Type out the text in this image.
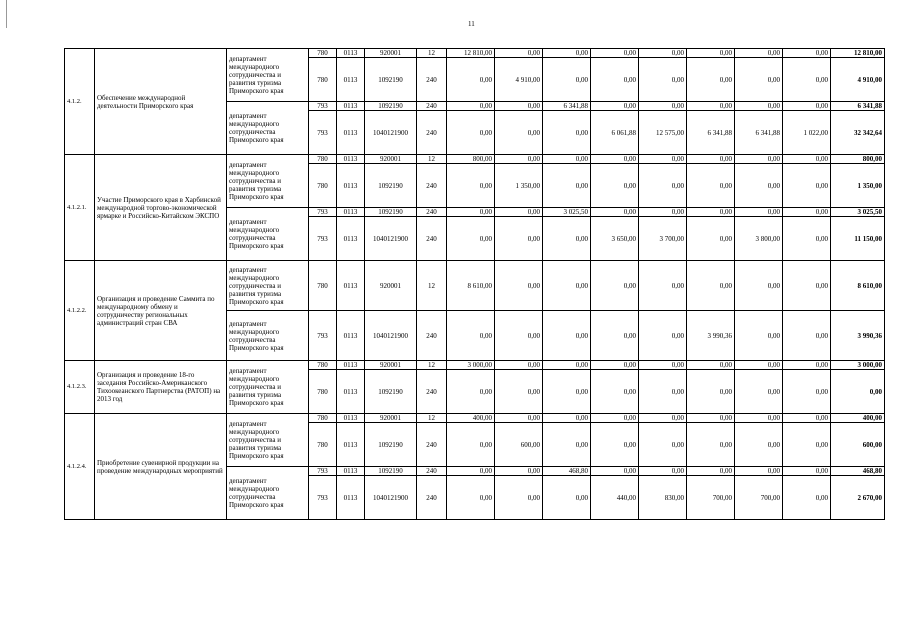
11
4.1.2.	Обеспечение международной деятельности Приморского края	департамент международного сотрудничества и развития туризма Приморского края	780	0113	920001	12	12 810,00	0,00	0,00	0,00	0,00	0,00	0,00	0,00	12 810,00
			780	0113	1092190	240	0,00	4 910,00	0,00	0,00	0,00	0,00	0,00	0,00	4 910,00
		департамент международного сотрудничества Приморского края	793	0113	1092190	240	0,00	0,00	6 341,88	0,00	0,00	0,00	0,00	0,00	6 341,88
			793	0113	1040121900	240	0,00	0,00	0,00	6 061,88	12 575,00	6 341,88	6 341,88	1 022,00	32 342,64
4.1.2.1.	Участие Приморского края в Харбинской международной торгово-экономической ярмарке и Российско-Китайском ЭКСПО	департамент международного сотрудничества и развития туризма Приморского края	780	0113	920001	12	800,00	0,00	0,00	0,00	0,00	0,00	0,00	0,00	800,00
			780	0113	1092190	240	0,00	1 350,00	0,00	0,00	0,00	0,00	0,00	0,00	1 350,00
		департамент международного сотрудничества Приморского края	793	0113	1092190	240	0,00	0,00	3 025,50	0,00	0,00	0,00	0,00	0,00	3 025,50
			793	0113	1040121900	240	0,00	0,00	0,00	3 650,00	3 700,00	0,00	3 800,00	0,00	11 150,00
4.1.2.2.	Организация и проведение Саммита по международному обмену и сотрудничеству региональных администраций стран СВА	департамент международного сотрудничества и развития туризма Приморского края	780	0113	920001	12	8 610,00	0,00	0,00	0,00	0,00	0,00	0,00	0,00	8 610,00
		департамент международного сотрудничества Приморского края	793	0113	1040121900	240	0,00	0,00	0,00	0,00	0,00	3 990,36	0,00	0,00	3 990,36
4.1.2.3.	Организация и проведение 18-го заседания Российско-Американского Тихоокеанского Партнерства (РАТОП) на 2013 год	департамент международного сотрудничества и развития туризма Приморского края	780	0113	920001	12	3 000,00	0,00	0,00	0,00	0,00	0,00	0,00	0,00	3 000,00
			780	0113	1092190	240	0,00	0,00	0,00	0,00	0,00	0,00	0,00	0,00	0,00
4.1.2.4.	Приобретение сувенирной продукции на проведение международных мероприятий	департамент международного сотрудничества и развития туризма Приморского края	780	0113	920001	12	400,00	0,00	0,00	0,00	0,00	0,00	0,00	0,00	400,00
			780	0113	1092190	240	0,00	600,00	0,00	0,00	0,00	0,00	0,00	0,00	600,00
		департамент международного сотрудничества Приморского края	793	0113	1092190	240	0,00	0,00	468,80	0,00	0,00	0,00	0,00	0,00	468,80
			793	0113	1040121900	240	0,00	0,00	0,00	440,00	830,00	700,00	700,00	0,00	2 670,00
